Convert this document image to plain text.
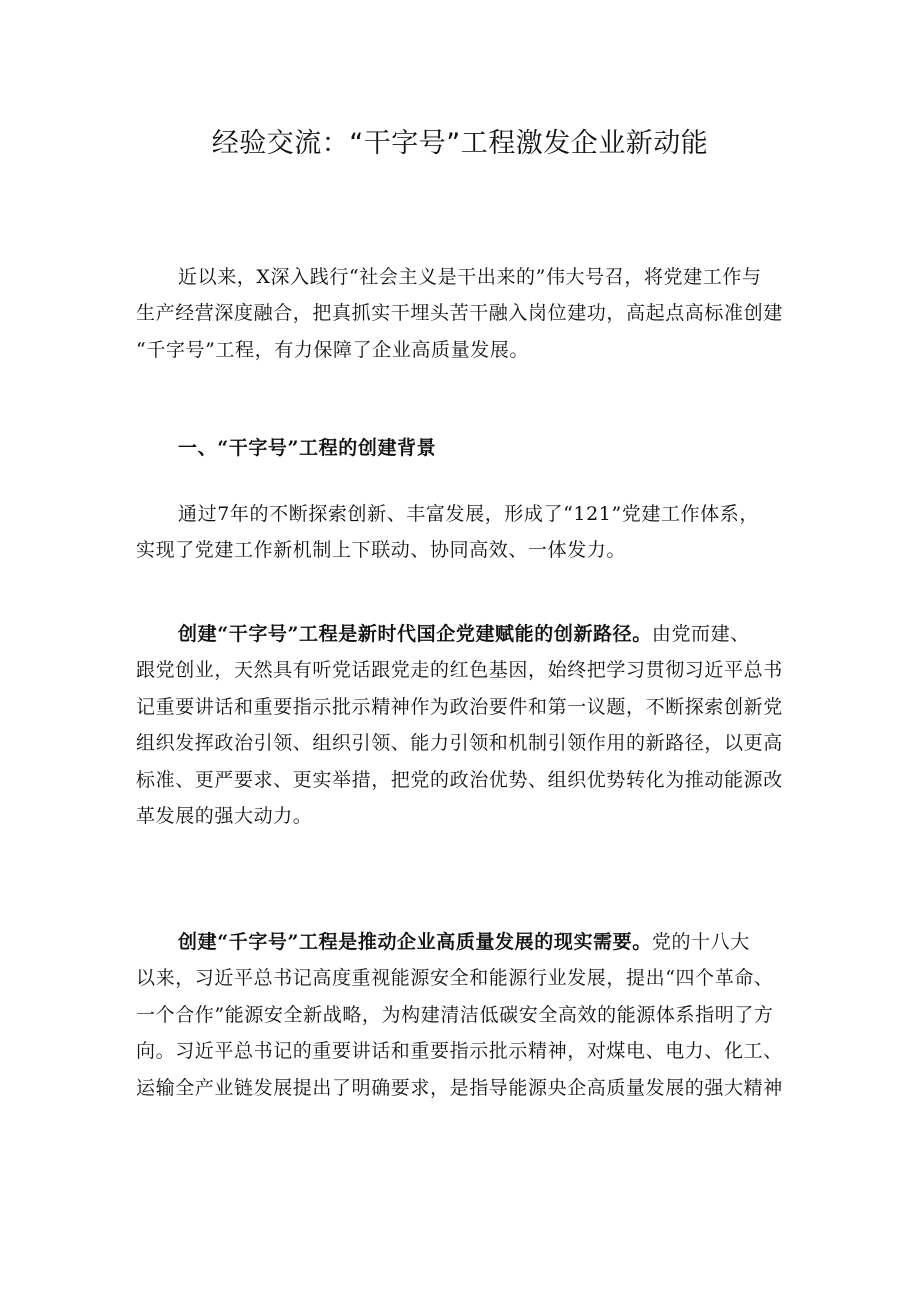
经验交流：“干字号”工程激发企业新动能
近以来，X深入践行“社会主义是干出来的”伟大号召，将党建工作与
生产经营深度融合，把真抓实干埋头苦干融入岗位建功，高起点高标准创建
“千字号”工程，有力保障了企业高质量发展。
一、“干字号”工程的创建背景
通过7年的不断探索创新、丰富发展，形成了“121”党建工作体系，
实现了党建工作新机制上下联动、协同高效、一体发力。
创建“干字号”工程是新时代国企党建赋能的创新路径。由党而建、
跟党创业，天然具有听党话跟党走的红色基因，始终把学习贯彻习近平总书
记重要讲话和重要指示批示精神作为政治要件和第一议题，不断探索创新党
组织发挥政治引领、组织引领、能力引领和机制引领作用的新路径，以更高
标准、更严要求、更实举措，把党的政治优势、组织优势转化为推动能源改
革发展的强大动力。
创建“千字号”工程是推动企业高质量发展的现实需要。党的十八大
以来，习近平总书记高度重视能源安全和能源行业发展，提出“四个革命、
一个合作”能源安全新战略，为构建清洁低碳安全高效的能源体系指明了方
向。习近平总书记的重要讲话和重要指示批示精神，对煤电、电力、化工、
运输全产业链发展提出了明确要求，是指导能源央企高质量发展的强大精神
